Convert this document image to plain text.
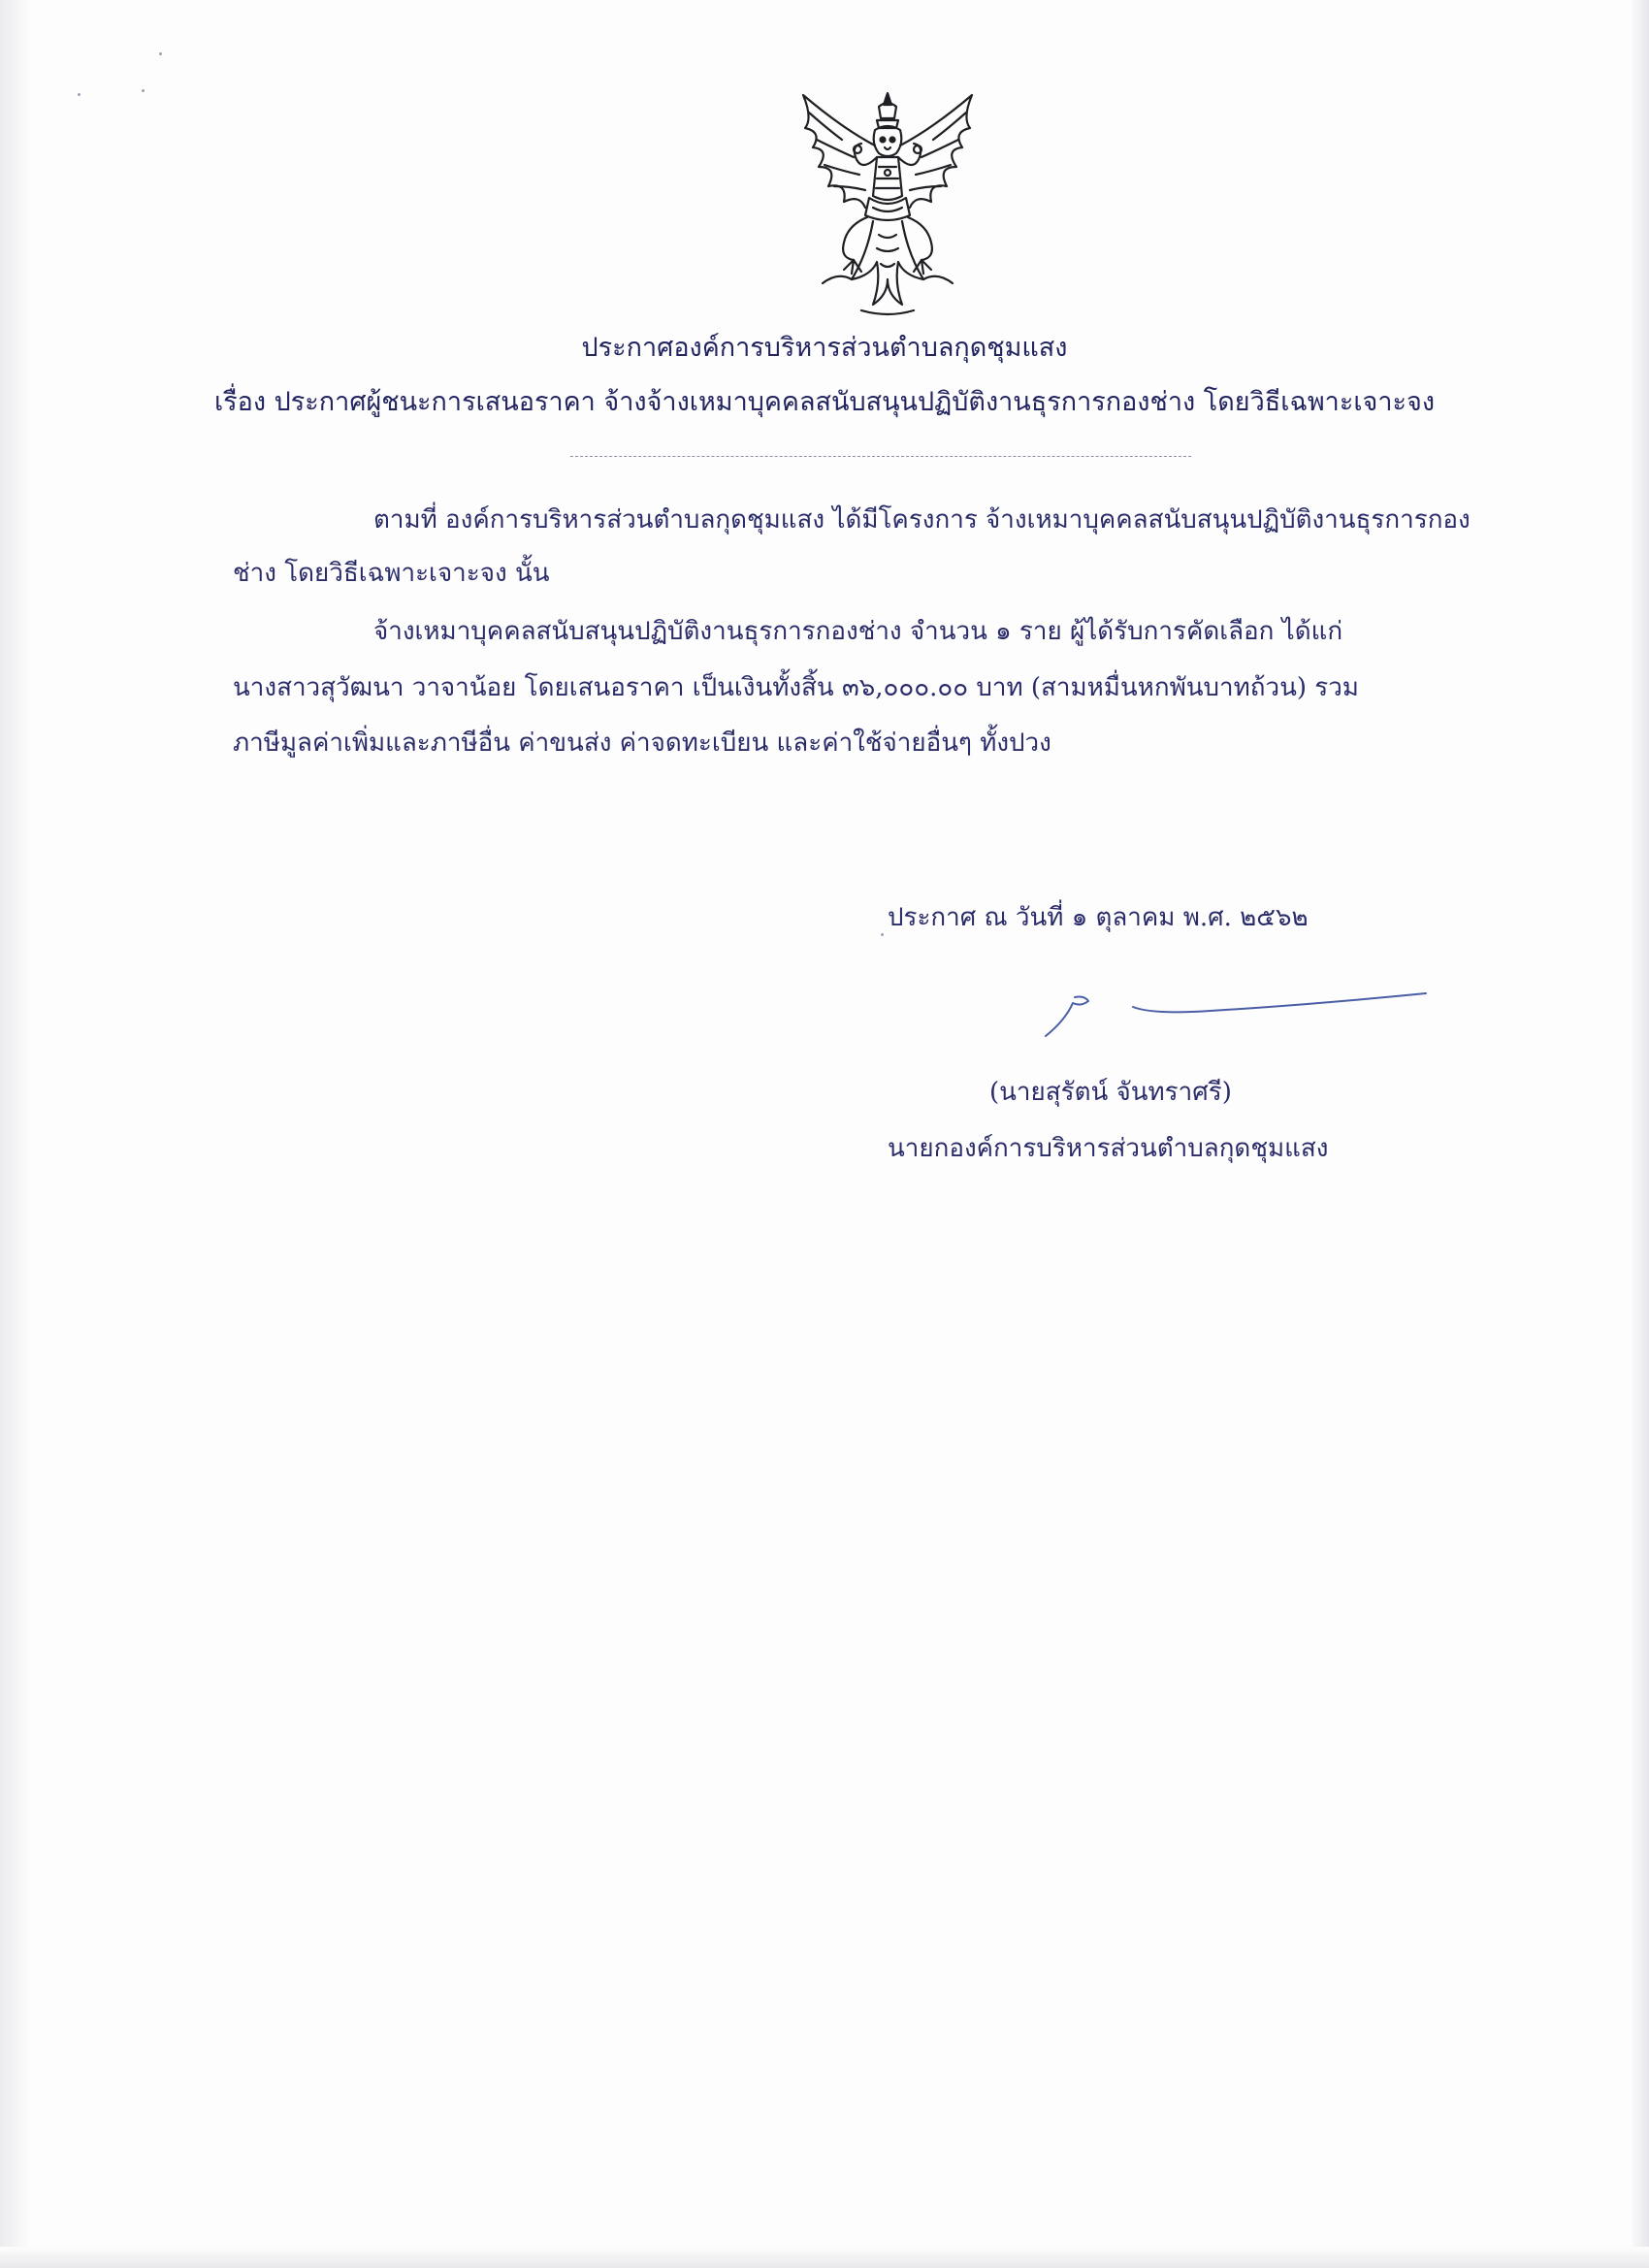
ประกาศองค์การบริหารส่วนตำบลกุดชุมแสง
เรื่อง ประกาศผู้ชนะการเสนอราคา จ้างจ้างเหมาบุคคลสนับสนุนปฏิบัติงานธุรการกองช่าง โดยวิธีเฉพาะเจาะจง
ตามที่ องค์การบริหารส่วนตำบลกุดชุมแสง ได้มีโครงการ จ้างเหมาบุคคลสนับสนุนปฏิบัติงานธุรการกอง
ช่าง โดยวิธีเฉพาะเจาะจง นั้น
จ้างเหมาบุคคลสนับสนุนปฏิบัติงานธุรการกองช่าง จำนวน ๑ ราย ผู้ได้รับการคัดเลือก ได้แก่
นางสาวสุวัฒนา วาจาน้อย โดยเสนอราคา เป็นเงินทั้งสิ้น ๓๖,๐๐๐.๐๐ บาท (สามหมื่นหกพันบาทถ้วน) รวม
ภาษีมูลค่าเพิ่มและภาษีอื่น ค่าขนส่ง ค่าจดทะเบียน และค่าใช้จ่ายอื่นๆ ทั้งปวง
ประกาศ ณ วันที่ ๑ ตุลาคม พ.ศ. ๒๕๖๒
(นายสุรัตน์ จันทราศรี)
นายกองค์การบริหารส่วนตำบลกุดชุมแสง
